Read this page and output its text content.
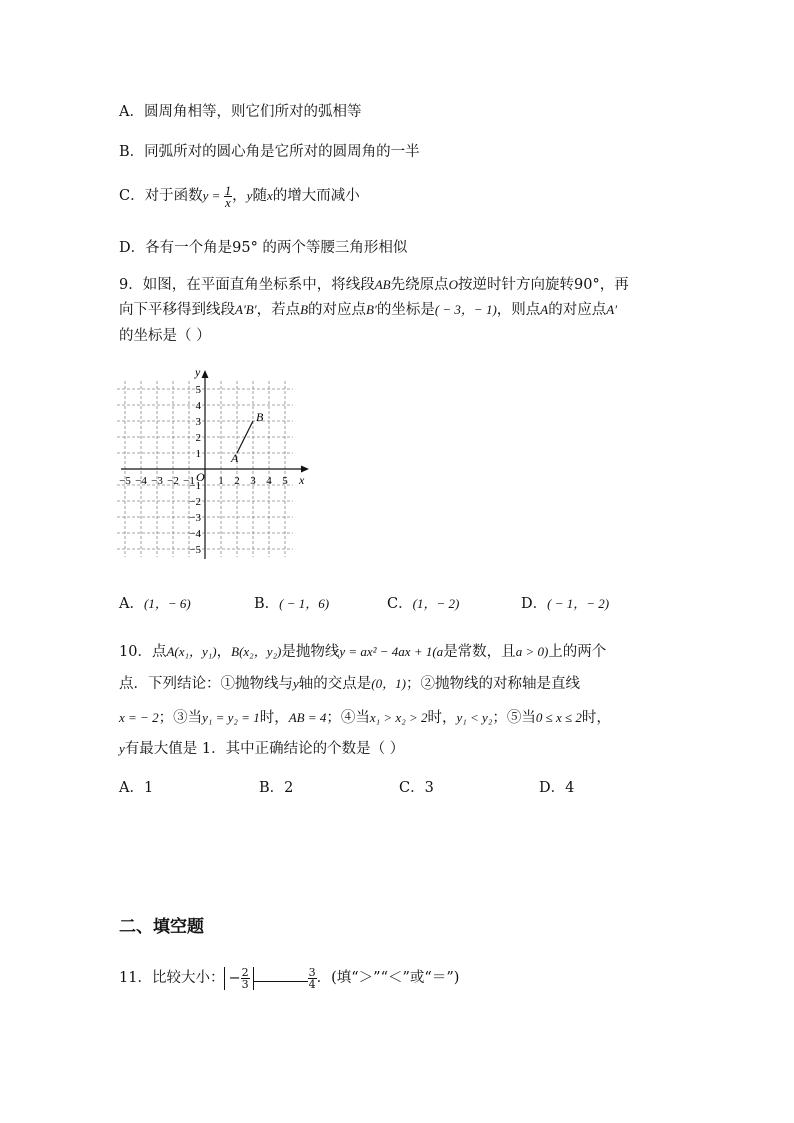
A．圆周角相等，则它们所对的弧相等
B．同弧所对的圆心角是它所对的圆周角的一半
C．对于函数$y = \frac{1}{x}$ ，y随x的增大而减小
D．各有一个角是95° 的两个等腰三角形相似
9．如图，在平面直角坐标系中，将线段AB先绕原点O按逆时针方向旋转90°，再
向下平移得到线段A′B′，若点B的对应点B′的坐标是( − 3，− 1)，则点A的对应点A′
的坐标是（ ）
x
y
O
−5 −4 −3 −2 −1 1 2 3 4 5
5
4
3
2
1
−1
−2
−3
−4
−5
A
B
A．(1，− 6)	B．( − 1，6)	C．(1，− 2)	D．( − 1，− 2)
10．点A(x₁，y₁)，B(x₂，y₂)是抛物线y = ax² − 4ax + 1(a是常数，且a > 0)上的两个
点．下列结论：①抛物线与y轴的交点是(0，1)；②抛物线的对称轴是直线
x = − 2；③当y₁ = y₂ = 1时，AB = 4；④当x₁ > x₂ > 2时，y₁ < y₂；⑤当0 ≤ x ≤ 2时，
y有最大值是 1．其中正确结论的个数是（ ）
A．1	B．2	C．3	D．4
二、填空题
11．比较大小： − $\frac{2}{3}$	$\frac{3}{4}$ ．(填“＞”“＜”或“＝”)
